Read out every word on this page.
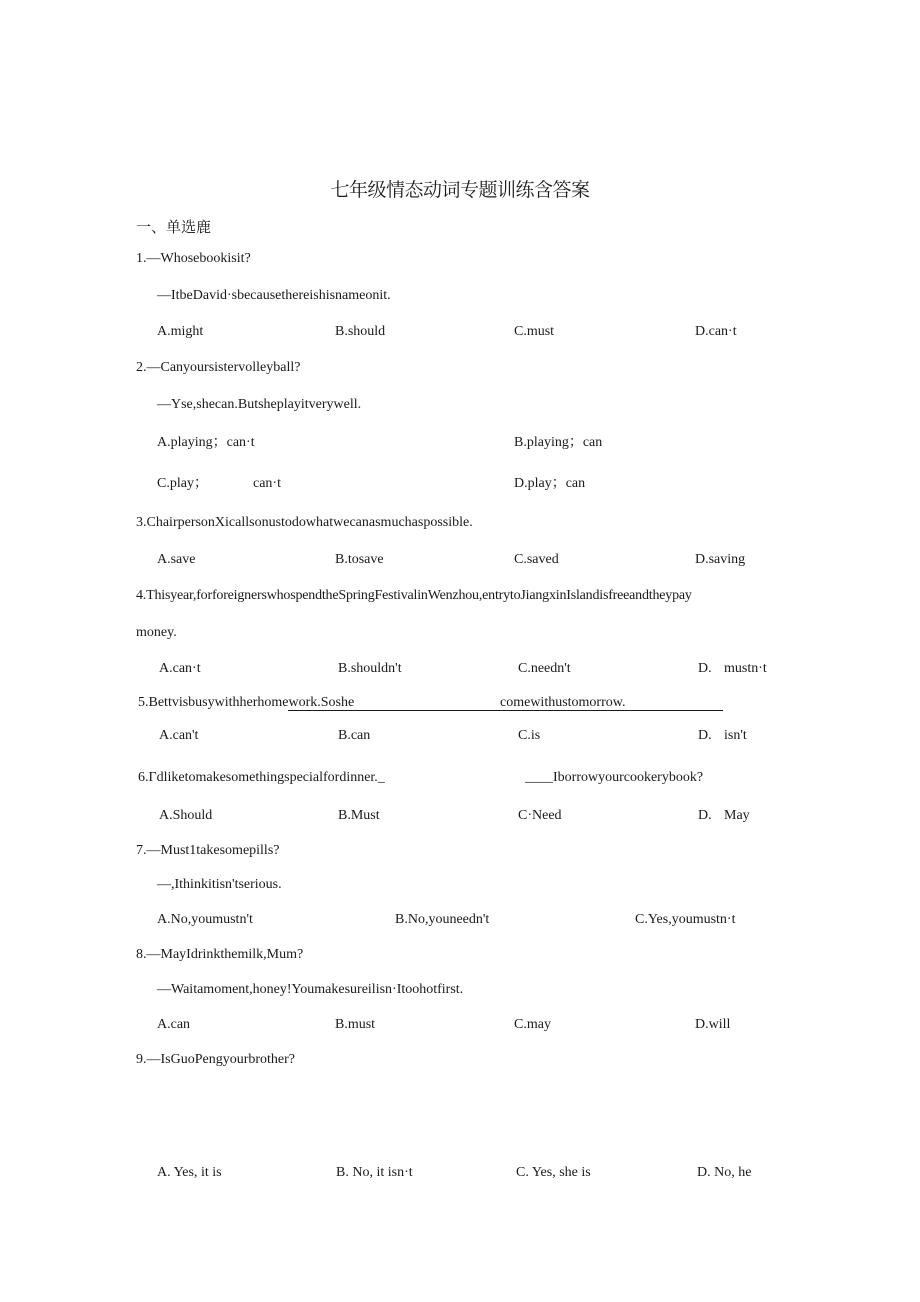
七年级情态动词专题训练含答案
一、单选鹿
1.—Whosebookisit?
—ItbeDavid·sbecausethereishisnameonit.
A.might	B.should	C.must	D.can·t
2.—Canyoursistervolleyball?
—Yse,shecan.Butsheplayitverywell.
A.playing；can·t	B.playing；can
C.play；	can·t	D.play；can
3.ChairpersonXicallsonustodowhatwecanasmuchaspossible.
A.save	B.tosave	C.saved	D.saving
4.Thisyear,forforeignerswhospendtheSpringFestivalinWenzhou,entrytoJiangxinIslandisfreeandtheypay
money.
A.can·t	B.shouldn't	C.needn't	D. mustn·t
5.Bettvisbusywithherhomework.Soshe	comewithustomorrow.
A.can't	B.can	C.is	D. isn't
6.Γdliketomakesomethingspecialfordinner._	____Iborrowyourcookerybook?
A.Should	B.Must	C·Need	D. May
7.—Must1takesomepills?
—,Ithinkitisn'tserious.
A.No,youmustn't	B.No,youneedn't	C.Yes,youmustn·t
8.—MayIdrinkthemilk,Mum?
—Waitamoment,honey!Youmakesureilisn·Itoohotfirst.
A.can	B.must	C.may	D.will
9.—IsGuoPengyourbrother?
A. Yes, it is	B. No, it isn·t	C. Yes, she is	D. No, he
